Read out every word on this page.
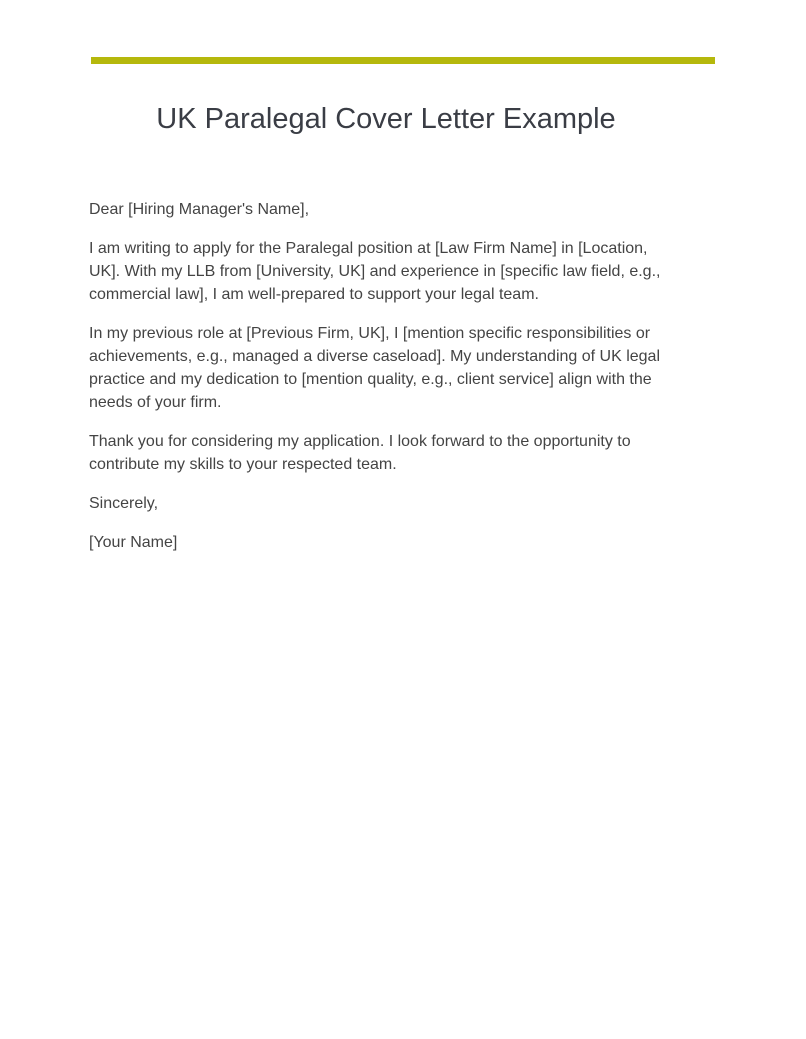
UK Paralegal Cover Letter Example

Dear [Hiring Manager's Name],

I am writing to apply for the Paralegal position at [Law Firm Name] in [Location, UK]. With my LLB from [University, UK] and experience in [specific law field, e.g., commercial law], I am well-prepared to support your legal team.

In my previous role at [Previous Firm, UK], I [mention specific responsibilities or achievements, e.g., managed a diverse caseload]. My understanding of UK legal practice and my dedication to [mention quality, e.g., client service] align with the needs of your firm.

Thank you for considering my application. I look forward to the opportunity to contribute my skills to your respected team.

Sincerely,

[Your Name]
